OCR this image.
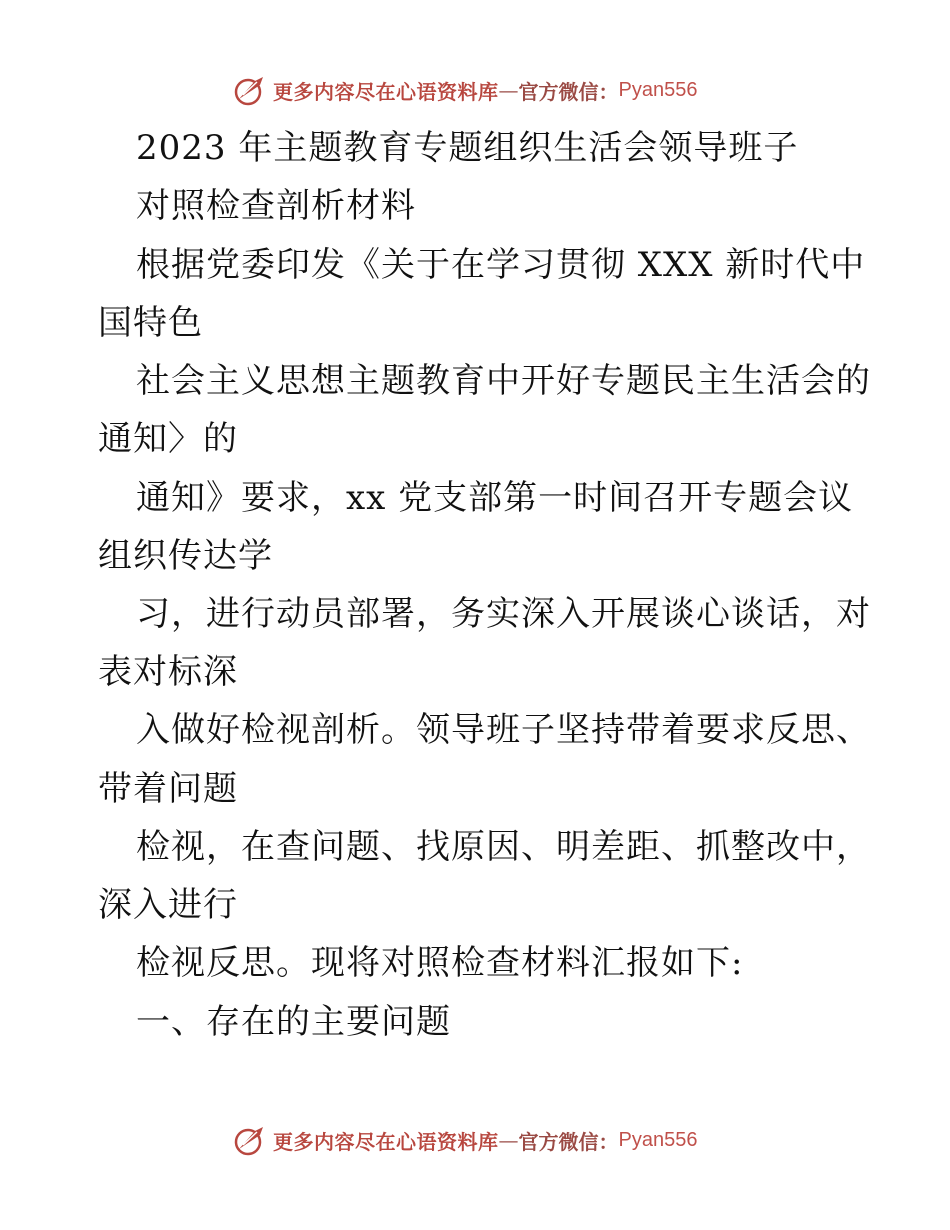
更多内容尽在心语资料库 — 官方微信： Pyan556
2023 年主题教育专题组织生活会领导班子
对照检查剖析材料
根据党委印发《关于在学习贯彻 XXX 新时代中
国特色
社会主义思想主题教育中开好专题民主生活会的
通知〉的
通知》要求，xx 党支部第一时间召开专题会议
组织传达学
习，进行动员部署，务实深入开展谈心谈话，对
表对标深
入做好检视剖析。领导班子坚持带着要求反思、
带着问题
检视，在查问题、找原因、明差距、抓整改中，
深入进行
检视反思。现将对照检查材料汇报如下:
一、存在的主要问题
更多内容尽在心语资料库 — 官方微信： Pyan556
